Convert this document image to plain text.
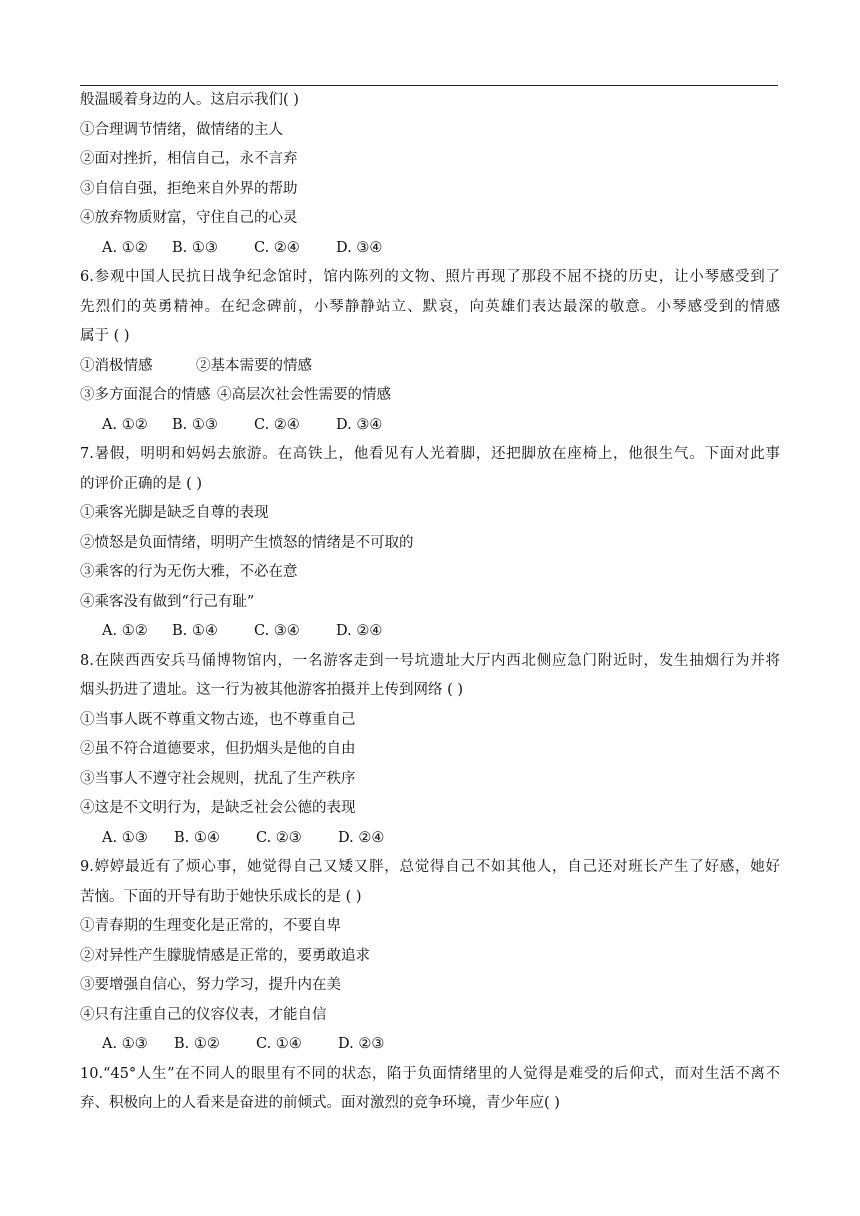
般温暖着身边的人。这启示我们( )
①合理调节情绪，做情绪的主人
②面对挫折，相信自己，永不言弃
③自信自强，拒绝来自外界的帮助
④放弃物质财富，守住自己的心灵
A. ①② B. ①③ C. ②④ D. ③④
6.参观中国人民抗日战争纪念馆时，馆内陈列的文物、照片再现了那段不屈不挠的历史，让小琴感受到了
先烈们的英勇精神。在纪念碑前，小琴静静站立、默哀，向英雄们表达最深的敬意。小琴感受到的情感
属于 ( )
①消极情感	②基本需要的情感
③多方面混合的情感 ④高层次社会性需要的情感
A. ①② B. ①③ C. ②④ D. ③④
7.暑假，明明和妈妈去旅游。在高铁上，他看见有人光着脚，还把脚放在座椅上，他很生气。下面对此事
的评价正确的是 ( )
①乘客光脚是缺乏自尊的表现
②愤怒是负面情绪，明明产生愤怒的情绪是不可取的
③乘客的行为无伤大雅，不必在意
④乘客没有做到“行己有耻”
A. ①② B. ①④ C. ③④ D. ②④
8.在陕西西安兵马俑博物馆内，一名游客走到一号坑遗址大厅内西北侧应急门附近时，发生抽烟行为并将
烟头扔进了遗址。这一行为被其他游客拍摄并上传到网络 ( )
①当事人既不尊重文物古迹，也不尊重自己
②虽不符合道德要求，但扔烟头是他的自由
③当事人不遵守社会规则，扰乱了生产秩序
④这是不文明行为，是缺乏社会公德的表现
A. ①③ B. ①④ C. ②③ D. ②④
9.婷婷最近有了烦心事，她觉得自己又矮又胖，总觉得自己不如其他人，自己还对班长产生了好感，她好
苦恼。下面的开导有助于她快乐成长的是 ( )
①青春期的生理变化是正常的，不要自卑
②对异性产生朦胧情感是正常的，要勇敢追求
③要增强自信心，努力学习，提升内在美
④只有注重自己的仪容仪表，才能自信
A. ①③ B. ①② C. ①④ D. ②③
10.“45°人生”在不同人的眼里有不同的状态，陷于负面情绪里的人觉得是难受的后仰式，而对生活不离不
弃、积极向上的人看来是奋进的前倾式。面对激烈的竞争环境，青少年应( )
